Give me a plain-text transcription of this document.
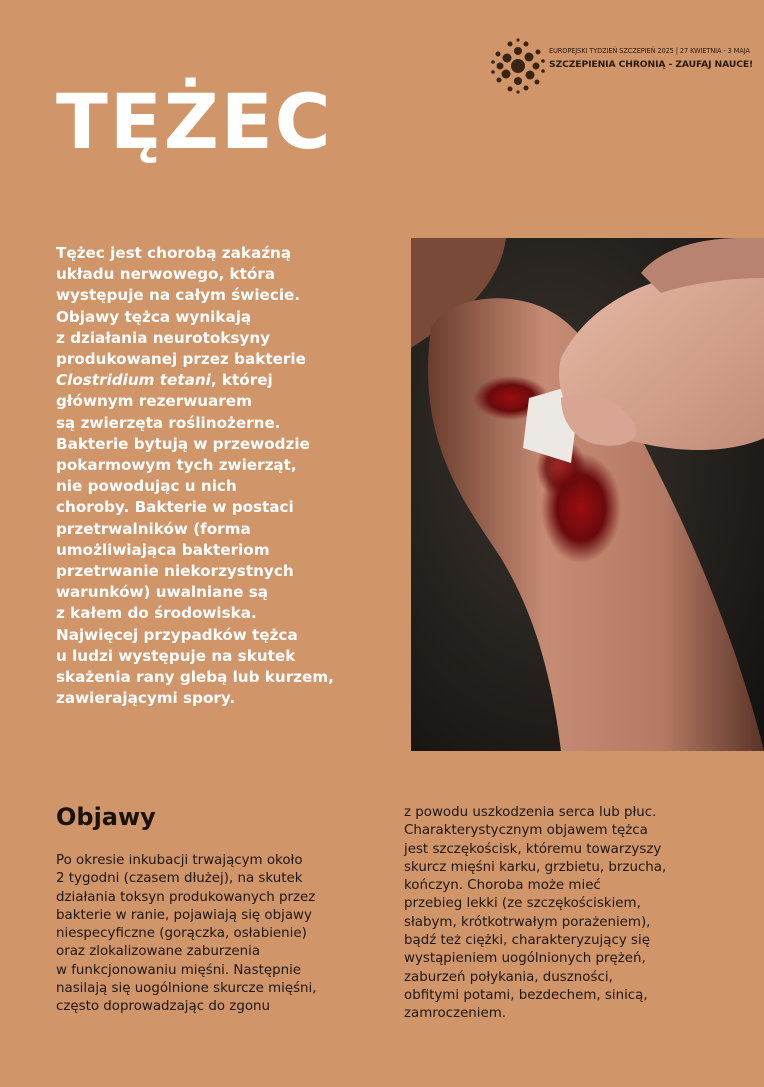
EUROPEJSKI TYDZIEŃ SZCZEPIEŃ 2025 | 27 KWIETNIA - 3 MAJA
SZCZEPIENIA CHRONIĄ - ZAUFAJ NAUCE!
TĘŻEC
Tężec jest chorobą zakaźną
układu nerwowego, która
występuje na całym świecie.
Objawy tężca wynikają
z działania neurotoksyny
produkowanej przez bakterie
Clostridium tetani, której
głównym rezerwuarem
są zwierzęta roślinożerne.
Bakterie bytują w przewodzie
pokarmowym tych zwierząt,
nie powodując u nich
choroby. Bakterie w postaci
przetrwalników (forma
umożliwiająca bakteriom
przetrwanie niekorzystnych
warunków) uwalniane są
z kałem do środowiska.
Najwięcej przypadków tężca
u ludzi występuje na skutek
skażenia rany glebą lub kurzem,
zawierającymi spory.
Objawy
Po okresie inkubacji trwającym około
2 tygodni (czasem dłużej), na skutek
działania toksyn produkowanych przez
bakterie w ranie, pojawiają się objawy
niespecyficzne (gorączka, osłabienie)
oraz zlokalizowane zaburzenia
w funkcjonowaniu mięśni. Następnie
nasilają się uogólnione skurcze mięśni,
często doprowadzając do zgonu
z powodu uszkodzenia serca lub płuc.
Charakterystycznym objawem tężca
jest szczękościsk, któremu towarzyszy
skurcz mięśni karku, grzbietu, brzucha,
kończyn. Choroba może mieć
przebieg lekki (ze szczękościskiem,
słabym, krótkotrwałym porażeniem),
bądź też ciężki, charakteryzujący się
wystąpieniem uogólnionych prężeń,
zaburzeń połykania, duszności,
obfitymi potami, bezdechem, sinicą,
zamroczeniem.
